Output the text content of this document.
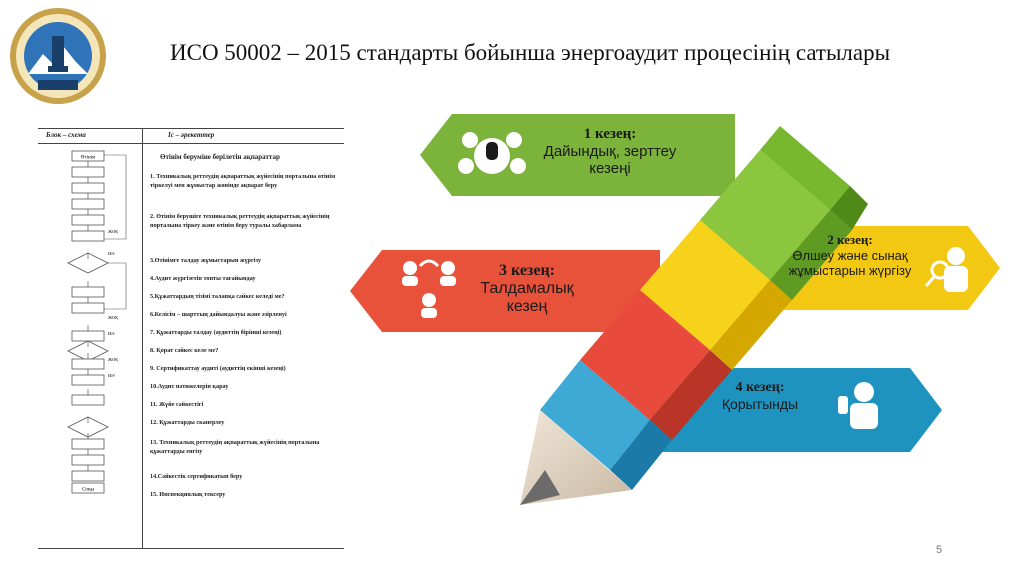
ИСО 50002 – 2015 стандарты бойынша энергоаудит процесінің сатылары
Блок – схема	Іс – әрекеттер
Өтінім
Соңы
ЖОҚ
ИӘ
ЖОҚ
ИӘ
ЖОҚ
ИӘ
Өтінім беруміне берілетін ақпараттар
1. Техникалық реттеудің ақпараттық жүйесінің порталына өтінім тіркелуі мен жұмыстар жөнінде ақпарат беру
2. Өтінім берушіге техникалық реттеудің ақпараттық жүйесінің порталына тіркеу және өтінім беру туралы хабарлама
3.Өтінімге талдау жұмыстарын жүргізу
4.Аудит жүргізетін топты тағайындау
5.Құжаттардың тізімі талапқа сәйкес келеді ме?
6.Келісім – шарттың дайындалуы және әзірленуі
7. Құжаттарды талдау (аудиттің бірінші кезеңі)
8. Қорат сәйкес келе ме?
9. Сертификаттау аудиті (аудиттің екінші кезеңі)
10.Аудит нәтижелерін қарау
11. Жүйе сәйкестігі
12. Құжаттарды сканерлеу
13. Техникалық реттеудің ақпараттық жүйесінің порталына құжаттарды енгізу
14.Сәйкестік сертификатын беру
15. Инспекциялық тексеру
1 кезең:
Дайындық, зерттеу кезеңі
2 кезең:
Өлшеу және сынақ жұмыстарын жүргізу
3 кезең:
Талдамалық кезең
4 кезең:
Қорытынды
5
